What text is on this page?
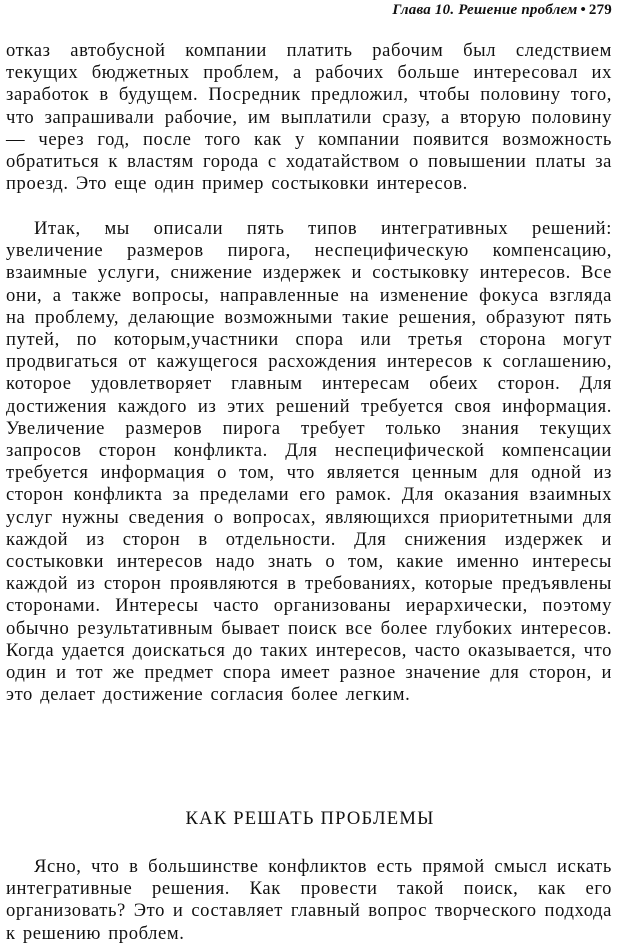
Глава 10. Решение проблем • 279

отказ автобусной компании платить рабочим был следствием текущих бюджетных проблем, а рабочих больше интересовал их заработок в будущем. Посредник предложил, чтобы половину того, что запрашивали рабочие, им выплатили сразу, а вторую половину — через год, после того как у компании появится возможность обратиться к властям города с ходатайством о повышении платы за проезд. Это еще один пример состыковки интересов.

Итак, мы описали пять типов интегративных решений: увеличение размеров пирога, неспецифическую компенсацию, взаимные услуги, снижение издержек и состыковку интересов. Все они, а также вопросы, направленные на изменение фокуса взгляда на проблему, делающие возможными такие решения, образуют пять путей, по которым,участники спора или третья сторона могут продвигаться от кажущегося расхождения интересов к соглашению, которое удовлетворяет главным интересам обеих сторон. Для достижения каждого из этих решений требуется своя информация. Увеличение размеров пирога требует только знания текущих запросов сторон конфликта. Для неспецифической компенсации требуется информация о том, что является ценным для одной из сторон конфликта за пределами его рамок. Для оказания взаимных услуг нужны сведения о вопросах, являющихся приоритетными для каждой из сторон в отдельности. Для снижения издержек и состыковки интересов надо знать о том, какие именно интересы каждой из сторон проявляются в требованиях, которые предъявлены сторонами. Интересы часто организованы иерархически, поэтому обычно результативным бывает поиск все более глубоких интересов. Когда удается доискаться до таких интересов, часто оказывается, что один и тот же предмет спора имеет разное значение для сторон, и это делает достижение согласия более легким.

КАК РЕШАТЬ ПРОБЛЕМЫ

Ясно, что в большинстве конфликтов есть прямой смысл искать интегративные решения. Как провести такой поиск, как его организовать? Это и составляет главный вопрос творческого подхода к решению проблем.
